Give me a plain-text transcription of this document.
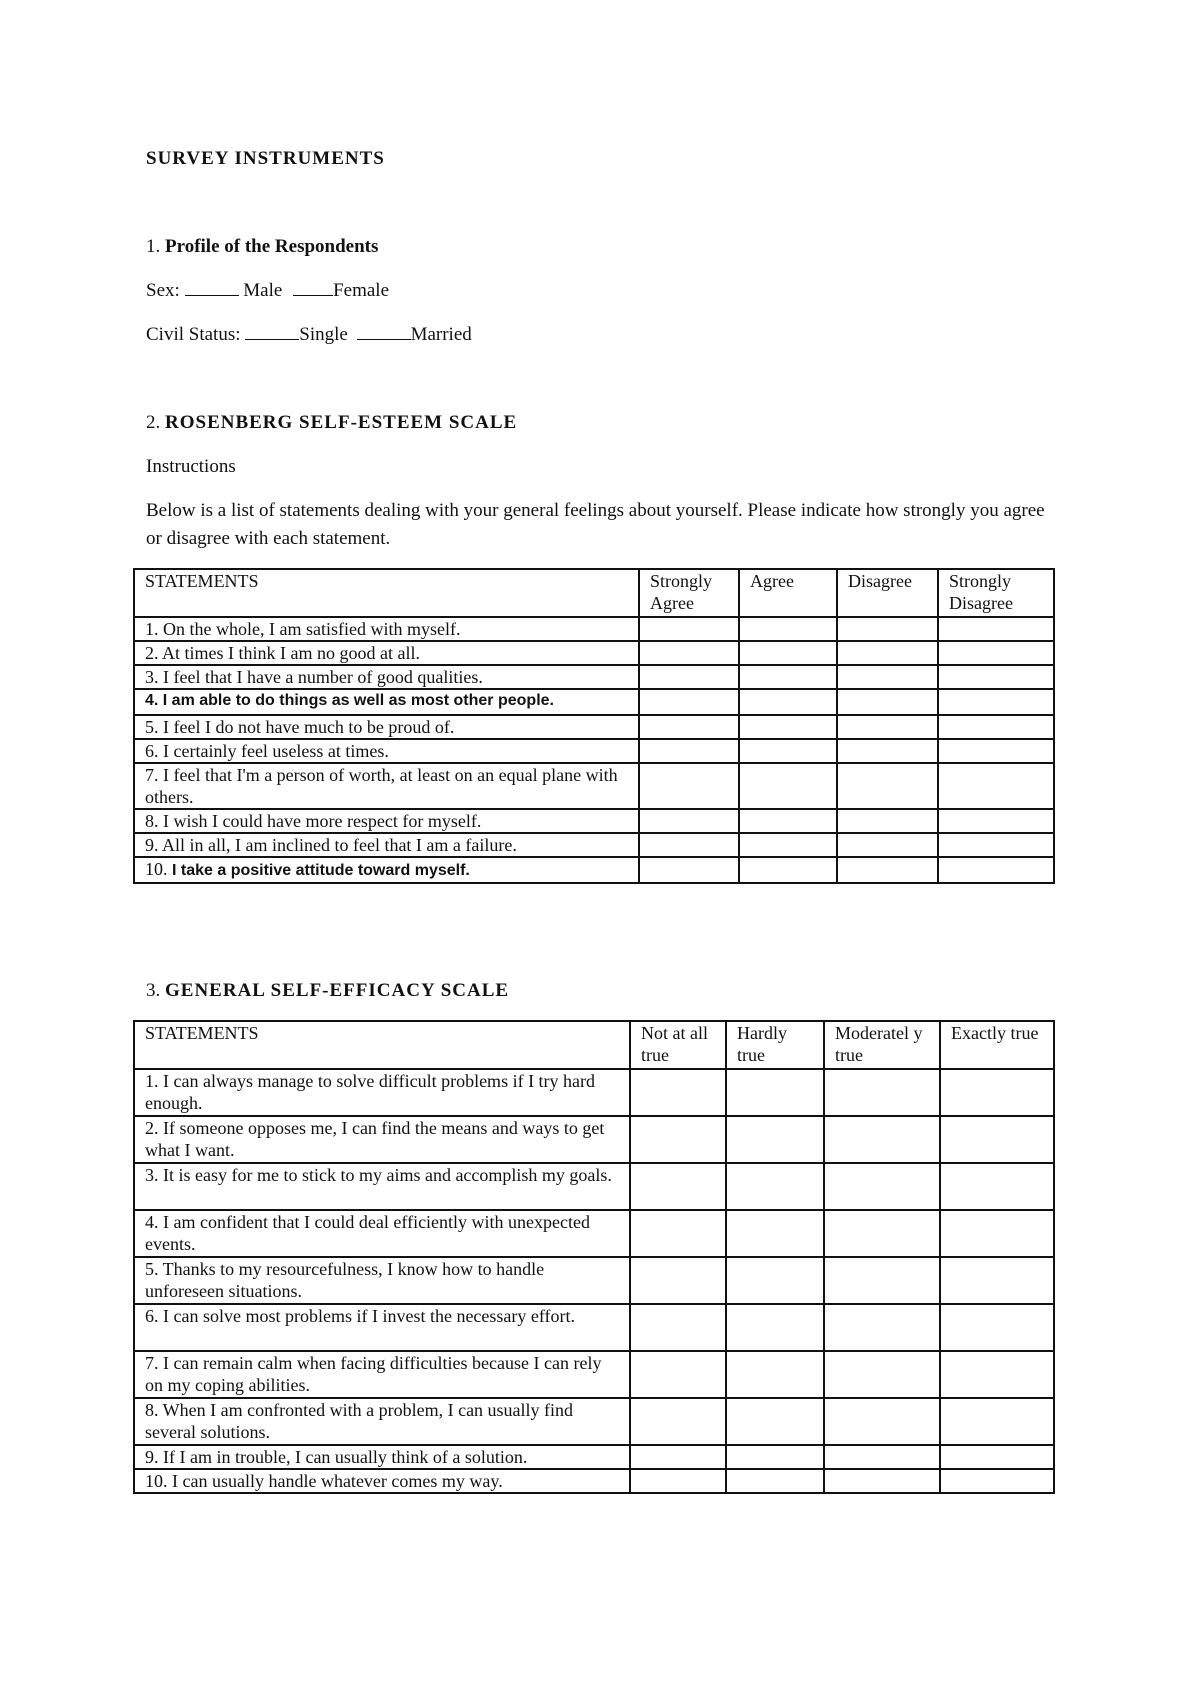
SURVEY INSTRUMENTS
1. Profile of the Respondents
Sex:	Male	Female
Civil Status:	Single	Married
2. ROSENBERG SELF-ESTEEM SCALE
Instructions
Below is a list of statements dealing with your general feelings about yourself. Please indicate how strongly you agree or disagree with each statement.
STATEMENTS	Strongly Agree	Agree	Disagree	Strongly Disagree
1. On the whole, I am satisfied with myself.				
2. At times I think I am no good at all.				
3. I feel that I have a number of good qualities.				
4. I am able to do things as well as most other people.				
5. I feel I do not have much to be proud of.				
6. I certainly feel useless at times.				
7. I feel that I'm a person of worth, at least on an equal plane with others.				
8. I wish I could have more respect for myself.				
9. All in all, I am inclined to feel that I am a failure.				
10. I take a positive attitude toward myself.				
3. GENERAL SELF-EFFICACY SCALE
STATEMENTS	Not at all true	Hardly true	Moderatel y true	Exactly true
1. I can always manage to solve difficult problems if I try hard enough.				
2. If someone opposes me, I can find the means and ways to get what I want.				
3. It is easy for me to stick to my aims and accomplish my goals.				
4. I am confident that I could deal efficiently with unexpected events.				
5. Thanks to my resourcefulness, I know how to handle unforeseen situations.				
6. I can solve most problems if I invest the necessary effort.				
7. I can remain calm when facing difficulties because I can rely on my coping abilities.				
8. When I am confronted with a problem, I can usually find several solutions.				
9. If I am in trouble, I can usually think of a solution.				
10. I can usually handle whatever comes my way.				
